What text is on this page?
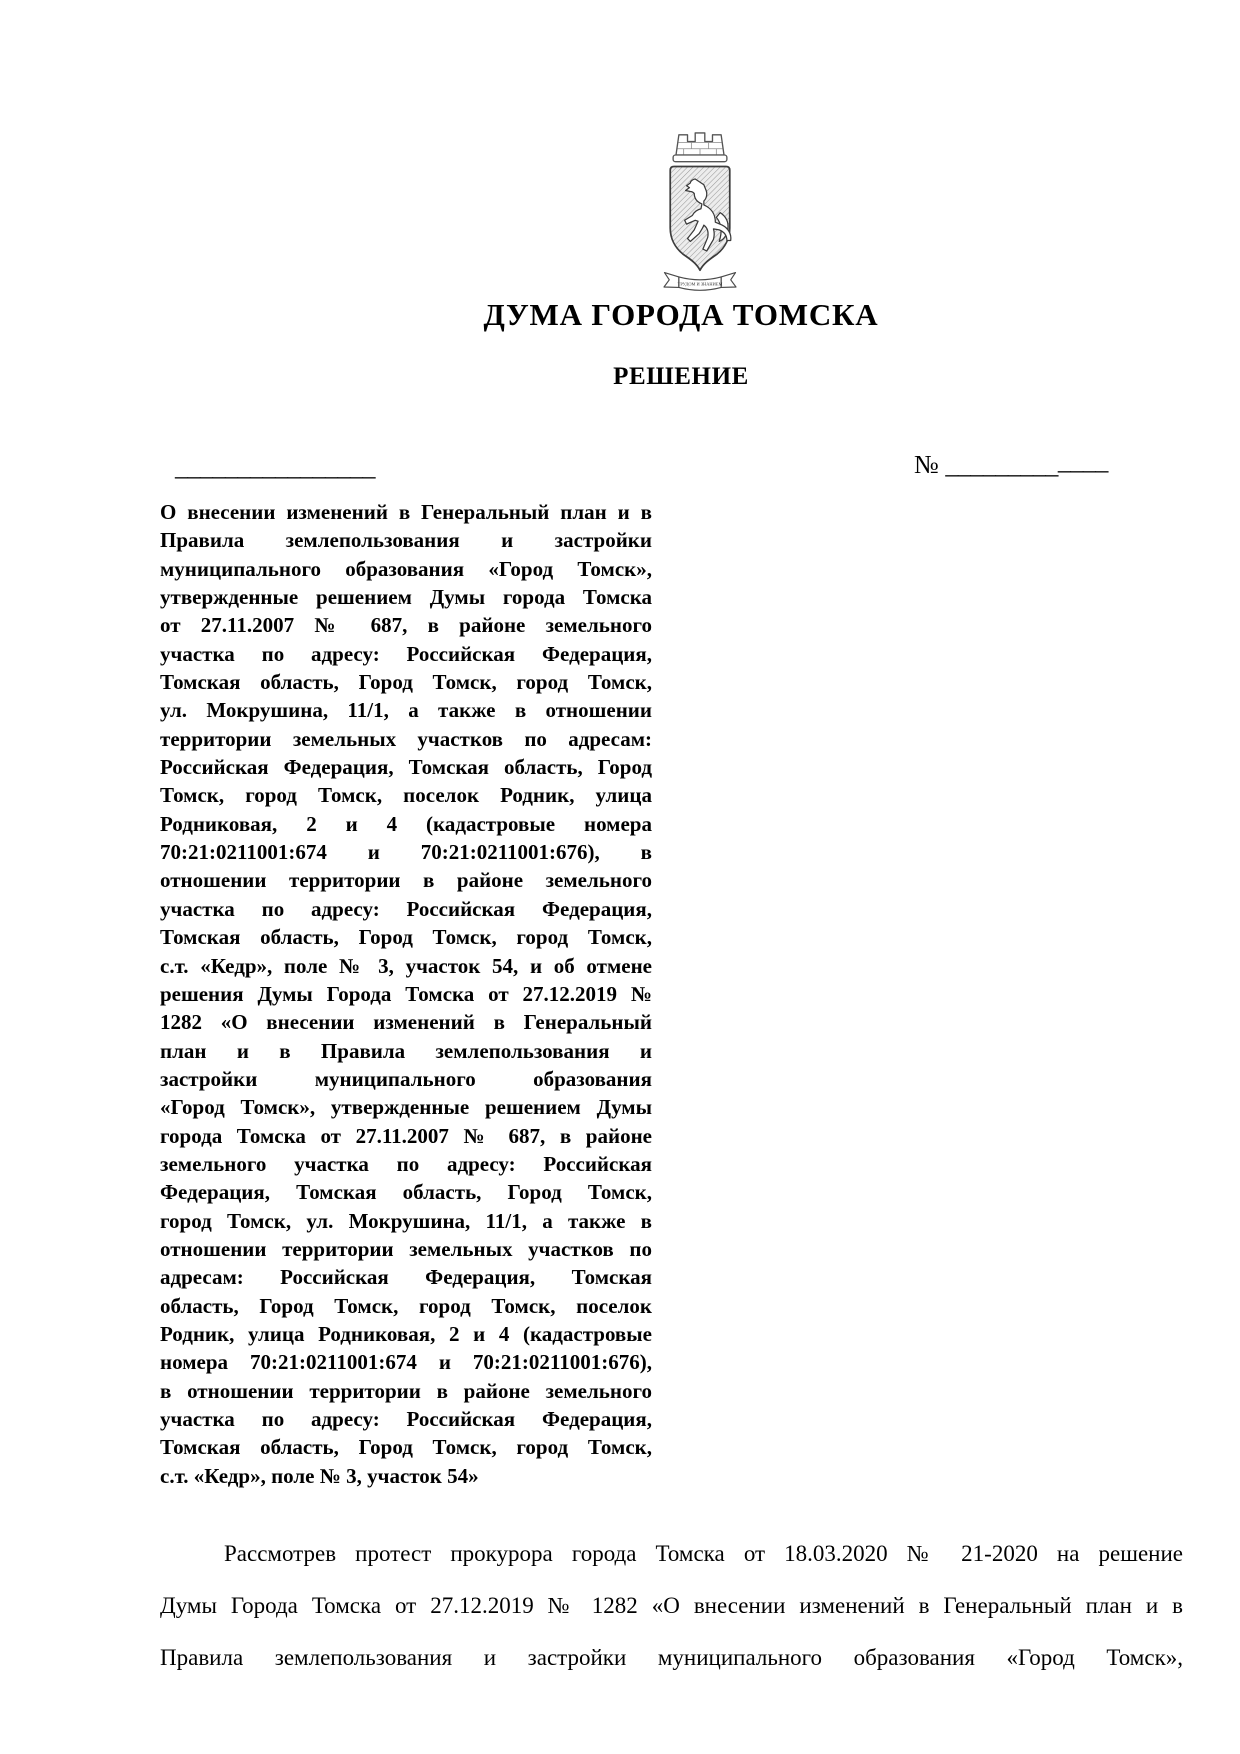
ТРУДОМ И ЗНАНИЕМ
ДУМА ГОРОДА ТОМСКА
РЕШЕНИЕ
________________	№ _____________
О внесении изменений в Генеральный план и в
Правила землепользования и застройки
муниципального образования «Город Томск»,
утвержденные решением Думы города Томска
от 27.11.2007 № 687, в районе земельного
участка по адресу: Российская Федерация,
Томская область, Город Томск, город Томск,
ул. Мокрушина, 11/1, а также в отношении
территории земельных участков по адресам:
Российская Федерация, Томская область, Город
Томск, город Томск, поселок Родник, улица
Родниковая, 2 и 4 (кадастровые номера
70:21:0211001:674 и 70:21:0211001:676), в
отношении территории в районе земельного
участка по адресу: Российская Федерация,
Томская область, Город Томск, город Томск,
с.т. «Кедр», поле № 3, участок 54, и об отмене
решения Думы Города Томска от 27.12.2019 №
1282 «О внесении изменений в Генеральный
план и в Правила землепользования и
застройки муниципального образования
«Город Томск», утвержденные решением Думы
города Томска от 27.11.2007 № 687, в районе
земельного участка по адресу: Российская
Федерация, Томская область, Город Томск,
город Томск, ул. Мокрушина, 11/1, а также в
отношении территории земельных участков по
адресам: Российская Федерация, Томская
область, Город Томск, город Томск, поселок
Родник, улица Родниковая, 2 и 4 (кадастровые
номера 70:21:0211001:674 и 70:21:0211001:676),
в отношении территории в районе земельного
участка по адресу: Российская Федерация,
Томская область, Город Томск, город Томск,
с.т. «Кедр», поле № 3, участок 54»
Рассмотрев протест прокурора города Томска от 18.03.2020 № 21-2020 на решение
Думы Города Томска от 27.12.2019 № 1282 «О внесении изменений в Генеральный план и в
Правила землепользования и застройки муниципального образования «Город Томск»,
